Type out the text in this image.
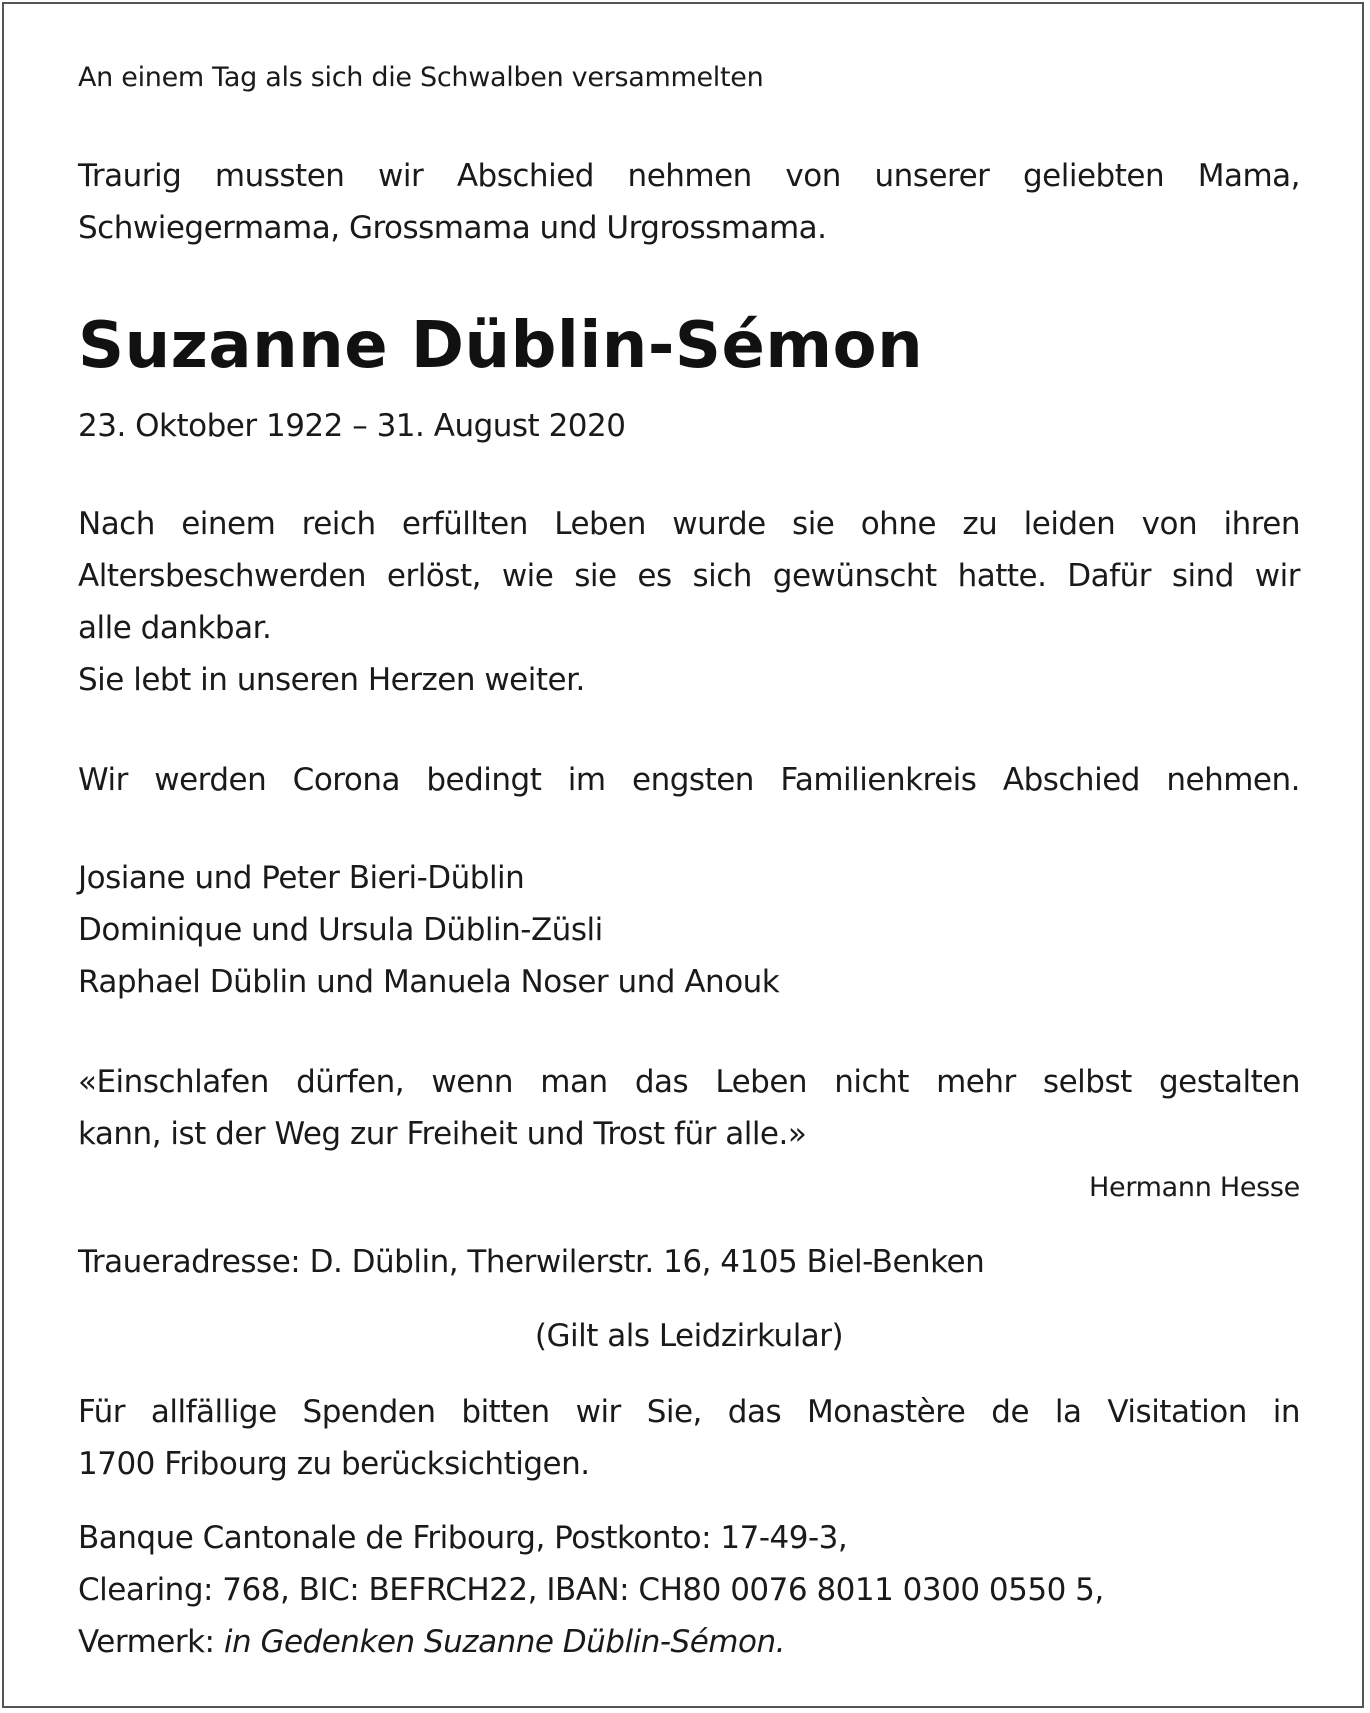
An einem Tag als sich die Schwalben versammelten
Traurig mussten wir Abschied nehmen von unserer geliebten Mama,
Schwiegermama, Grossmama und Urgrossmama.
Suzanne Düblin-Sémon
23. Oktober 1922 – 31. August 2020
Nach einem reich erfüllten Leben wurde sie ohne zu leiden von ihren
Altersbeschwerden erlöst, wie sie es sich gewünscht hatte. Dafür sind wir
alle dankbar.
Sie lebt in unseren Herzen weiter.
Wir werden Corona bedingt im engsten Familienkreis Abschied nehmen.
Josiane und Peter Bieri-Düblin
Dominique und Ursula Düblin-Züsli
Raphael Düblin und Manuela Noser und Anouk
«Einschlafen dürfen, wenn man das Leben nicht mehr selbst gestalten
kann, ist der Weg zur Freiheit und Trost für alle.»
Hermann Hesse
Traueradresse: D. Düblin, Therwilerstr. 16, 4105 Biel-Benken
(Gilt als Leidzirkular)
Für allfällige Spenden bitten wir Sie, das Monastère de la Visitation in
1700 Fribourg zu berücksichtigen.
Banque Cantonale de Fribourg, Postkonto: 17-49-3,
Clearing: 768, BIC: BEFRCH22, IBAN: CH80 0076 8011 0300 0550 5,
Vermerk: in Gedenken Suzanne Düblin-Sémon.
